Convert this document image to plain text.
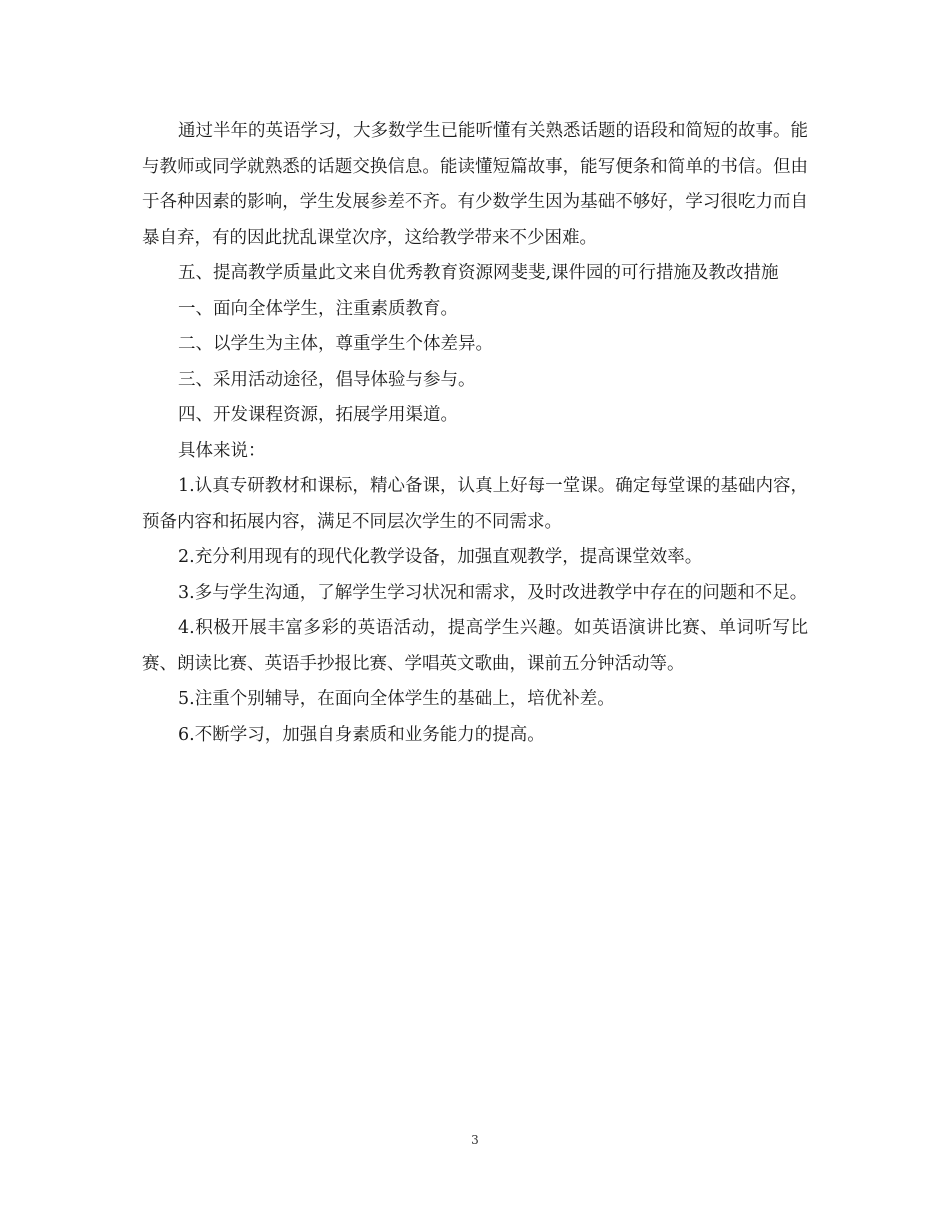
通过半年的英语学习，大多数学生已能听懂有关熟悉话题的语段和简短的故事。能与教师或同学就熟悉的话题交换信息。能读懂短篇故事，能写便条和简单的书信。但由于各种因素的影响，学生发展参差不齐。有少数学生因为基础不够好，学习很吃力而自暴自弃，有的因此扰乱课堂次序，这给教学带来不少困难。

五、提高教学质量此文来自优秀教育资源网斐斐,课件园的可行措施及教改措施

一、面向全体学生，注重素质教育。

二、以学生为主体，尊重学生个体差异。

三、采用活动途径，倡导体验与参与。

四、开发课程资源，拓展学用渠道。

具体来说：

1.认真专研教材和课标，精心备课，认真上好每一堂课。确定每堂课的基础内容，预备内容和拓展内容，满足不同层次学生的不同需求。

2.充分利用现有的现代化教学设备，加强直观教学，提高课堂效率。

3.多与学生沟通，了解学生学习状况和需求，及时改进教学中存在的问题和不足。

4.积极开展丰富多彩的英语活动，提高学生兴趣。如英语演讲比赛、单词听写比赛、朗读比赛、英语手抄报比赛、学唱英文歌曲，课前五分钟活动等。

5.注重个别辅导，在面向全体学生的基础上，培优补差。

6.不断学习，加强自身素质和业务能力的提高。

3
